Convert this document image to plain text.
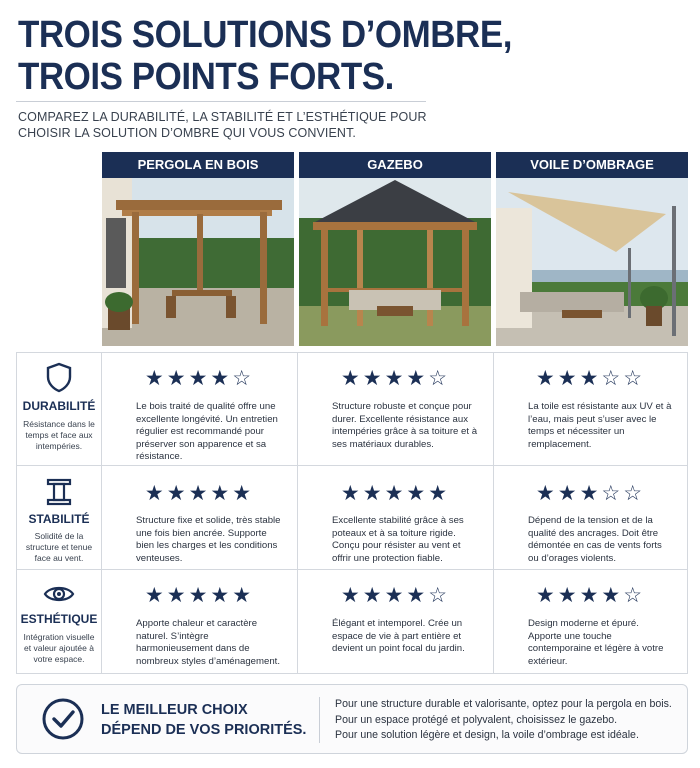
TROIS SOLUTIONS D’OMBRE,
TROIS POINTS FORTS.
COMPAREZ LA DURABILITÉ, LA STABILITÉ ET L’ESTHÉTIQUE POUR CHOISIR LA SOLUTION D’OMBRE QUI VOUS CONVIENT.
PERGOLA EN BOIS	GAZEBO	VOILE D’OMBRAGE
DURABILITÉ
Résistance dans le temps et face aux intempéries.
★★★★☆
Le bois traité de qualité offre une excellente longévité. Un entretien régulier est recommandé pour préserver son apparence et sa résistance.
★★★★☆
Structure robuste et conçue pour durer. Excellente résistance aux intempéries grâce à sa toiture et à ses matériaux durables.
★★★☆☆
La toile est résistante aux UV et à l’eau, mais peut s’user avec le temps et nécessiter un remplacement.
STABILITÉ
Solidité de la structure et tenue face au vent.
★★★★★
Structure fixe et solide, très stable une fois bien ancrée. Supporte bien les charges et les conditions venteuses.
★★★★★
Excellente stabilité grâce à ses poteaux et à sa toiture rigide. Conçu pour résister au vent et offrir une protection fiable.
★★★☆☆
Dépend de la tension et de la qualité des ancrages. Doit être démontée en cas de vents forts ou d’orages violents.
ESTHÉTIQUE
Intégration visuelle et valeur ajoutée à votre espace.
★★★★★
Apporte chaleur et caractère naturel. S’intègre harmonieusement dans de nombreux styles d’aménagement.
★★★★☆
Élégant et intemporel. Crée un espace de vie à part entière et devient un point focal du jardin.
★★★★☆
Design moderne et épuré. Apporte une touche contemporaine et légère à votre extérieur.
LE MEILLEUR CHOIX
DÉPEND DE VOS PRIORITÉS.
Pour une structure durable et valorisante, optez pour la pergola en bois.
Pour un espace protégé et polyvalent, choisissez le gazebo.
Pour une solution légère et design, la voile d’ombrage est idéale.
